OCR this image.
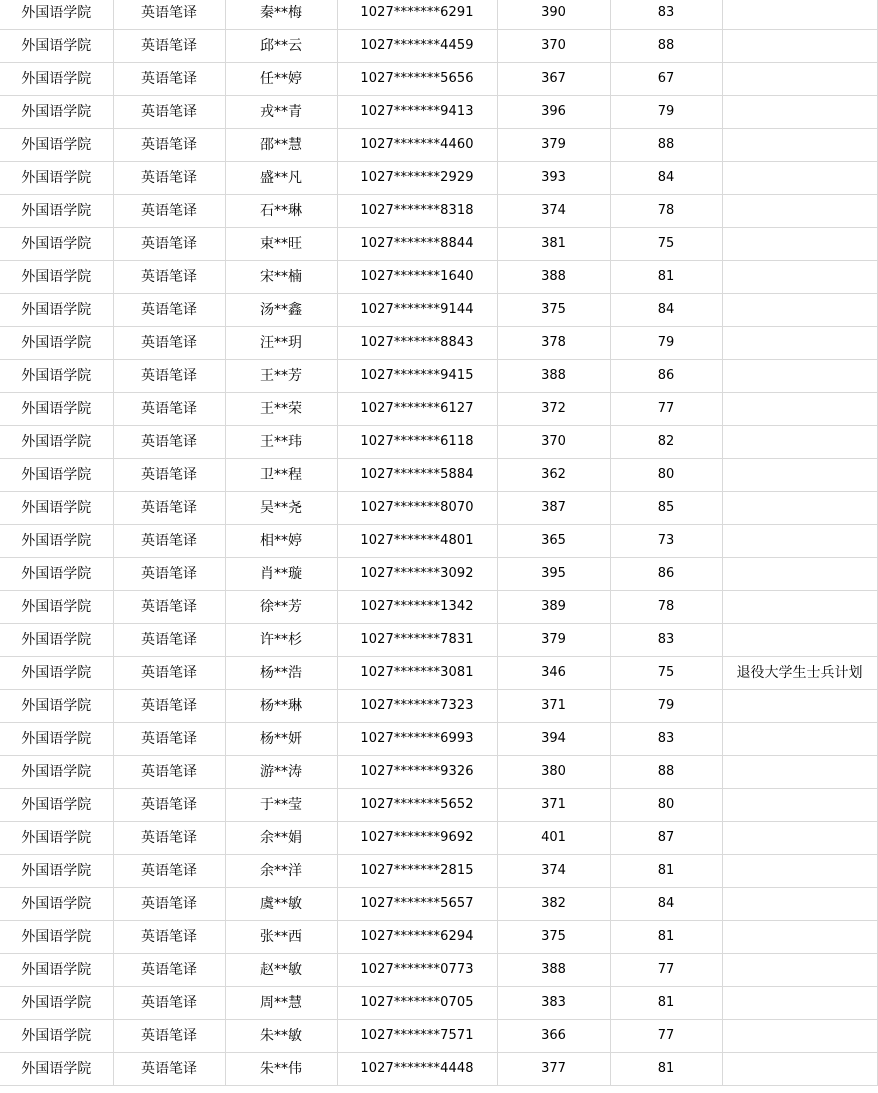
外国语学院	英语笔译	秦**梅	1027*******6291	390	83	
外国语学院	英语笔译	邱**云	1027*******4459	370	88	
外国语学院	英语笔译	任**婷	1027*******5656	367	67	
外国语学院	英语笔译	戎**青	1027*******9413	396	79	
外国语学院	英语笔译	邵**慧	1027*******4460	379	88	
外国语学院	英语笔译	盛**凡	1027*******2929	393	84	
外国语学院	英语笔译	石**琳	1027*******8318	374	78	
外国语学院	英语笔译	束**旺	1027*******8844	381	75	
外国语学院	英语笔译	宋**楠	1027*******1640	388	81	
外国语学院	英语笔译	汤**鑫	1027*******9144	375	84	
外国语学院	英语笔译	汪**玥	1027*******8843	378	79	
外国语学院	英语笔译	王**芳	1027*******9415	388	86	
外国语学院	英语笔译	王**荣	1027*******6127	372	77	
外国语学院	英语笔译	王**玮	1027*******6118	370	82	
外国语学院	英语笔译	卫**程	1027*******5884	362	80	
外国语学院	英语笔译	吴**尧	1027*******8070	387	85	
外国语学院	英语笔译	相**婷	1027*******4801	365	73	
外国语学院	英语笔译	肖**璇	1027*******3092	395	86	
外国语学院	英语笔译	徐**芳	1027*******1342	389	78	
外国语学院	英语笔译	许**杉	1027*******7831	379	83	
外国语学院	英语笔译	杨**浩	1027*******3081	346	75	退役大学生士兵计划
外国语学院	英语笔译	杨**琳	1027*******7323	371	79	
外国语学院	英语笔译	杨**妍	1027*******6993	394	83	
外国语学院	英语笔译	游**涛	1027*******9326	380	88	
外国语学院	英语笔译	于**莹	1027*******5652	371	80	
外国语学院	英语笔译	余**娟	1027*******9692	401	87	
外国语学院	英语笔译	余**洋	1027*******2815	374	81	
外国语学院	英语笔译	虞**敏	1027*******5657	382	84	
外国语学院	英语笔译	张**西	1027*******6294	375	81	
外国语学院	英语笔译	赵**敏	1027*******0773	388	77	
外国语学院	英语笔译	周**慧	1027*******0705	383	81	
外国语学院	英语笔译	朱**敏	1027*******7571	366	77	
外国语学院	英语笔译	朱**伟	1027*******4448	377	81	
